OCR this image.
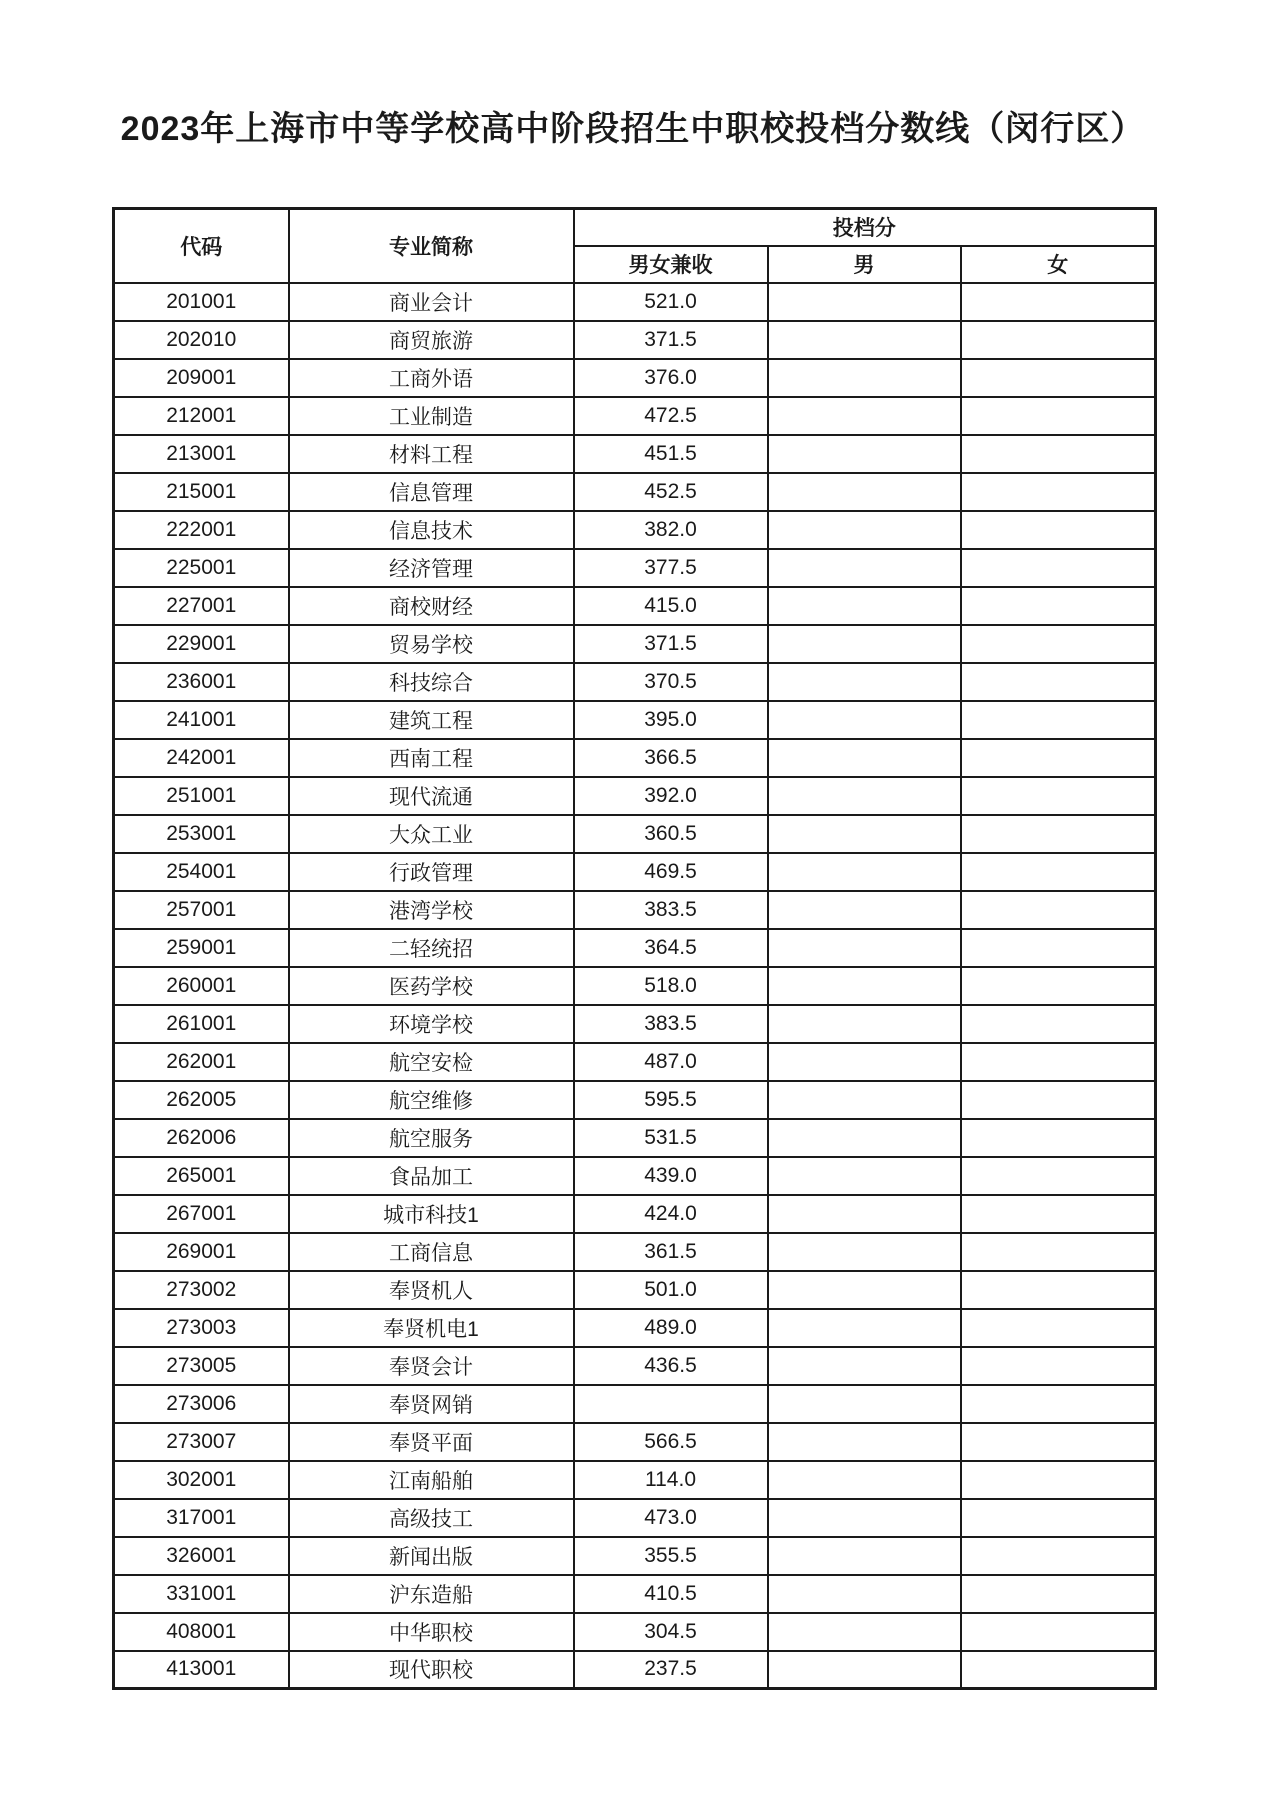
2023年上海市中等学校高中阶段招生中职校投档分数线（闵行区）
代码	专业简称	投档分		
		男女兼收	男	女
201001	商业会计	521.0		
202010	商贸旅游	371.5		
209001	工商外语	376.0		
212001	工业制造	472.5		
213001	材料工程	451.5		
215001	信息管理	452.5		
222001	信息技术	382.0		
225001	经济管理	377.5		
227001	商校财经	415.0		
229001	贸易学校	371.5		
236001	科技综合	370.5		
241001	建筑工程	395.0		
242001	西南工程	366.5		
251001	现代流通	392.0		
253001	大众工业	360.5		
254001	行政管理	469.5		
257001	港湾学校	383.5		
259001	二轻统招	364.5		
260001	医药学校	518.0		
261001	环境学校	383.5		
262001	航空安检	487.0		
262005	航空维修	595.5		
262006	航空服务	531.5		
265001	食品加工	439.0		
267001	城市科技1	424.0		
269001	工商信息	361.5		
273002	奉贤机人	501.0		
273003	奉贤机电1	489.0		
273005	奉贤会计	436.5		
273006	奉贤网销			
273007	奉贤平面	566.5		
302001	江南船舶	114.0		
317001	高级技工	473.0		
326001	新闻出版	355.5		
331001	沪东造船	410.5		
408001	中华职校	304.5		
413001	现代职校	237.5		
